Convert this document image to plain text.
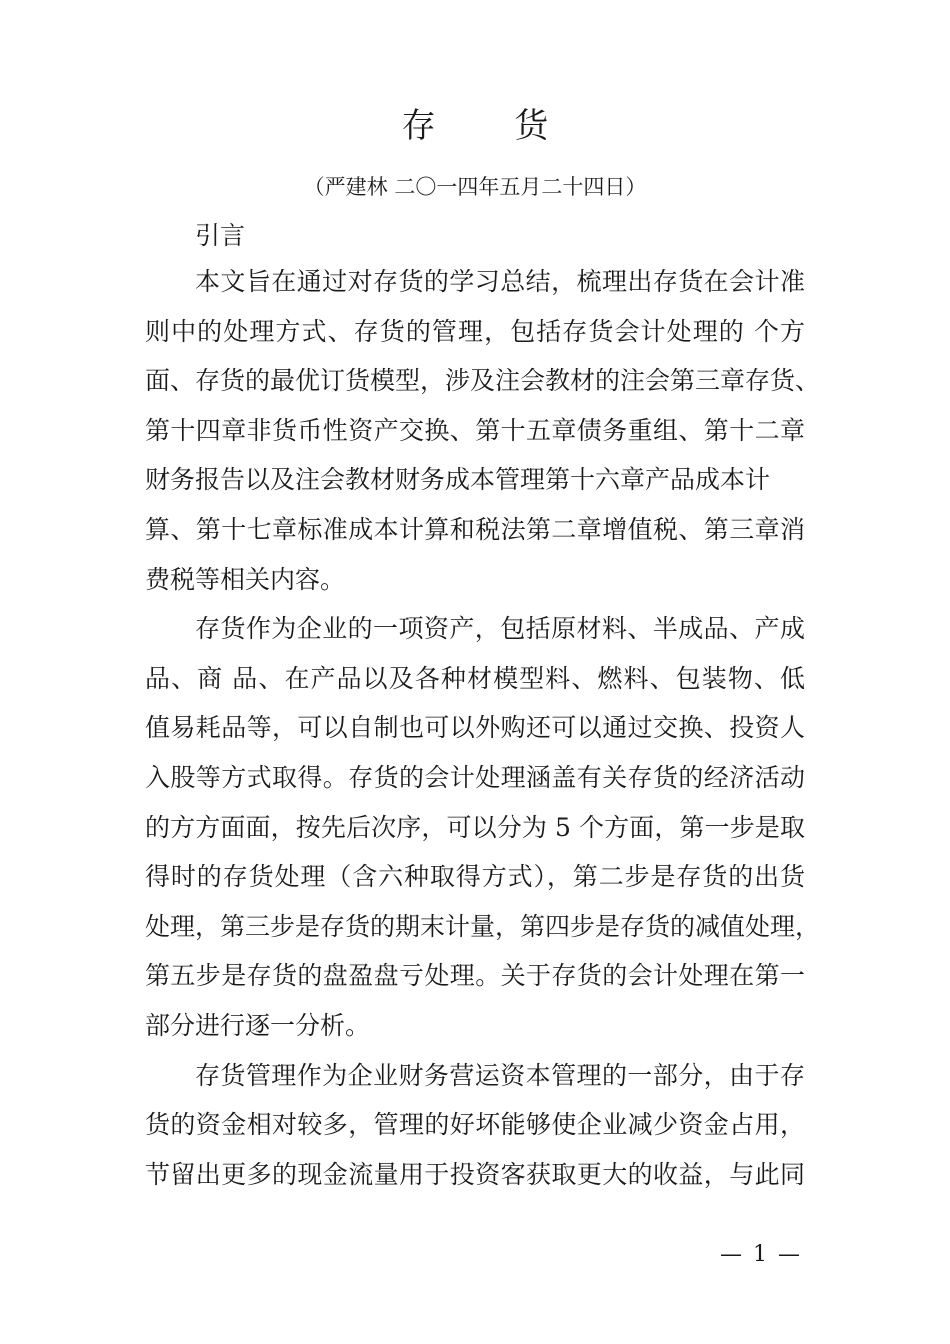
存 货
（严建林 二〇一四年五月二十四日）
引言
本文旨在通过对存货的学习总结，梳理出存货在会计准
则中的处理方式、存货的管理，包括存货会计处理的 个方
面、存货的最优订货模型，涉及注会教材的注会第三章存货、
第十四章非货币性资产交换、第十五章债务重组、第十二章
财务报告以及注会教材财务成本管理第十六章产品成本计
算、第十七章标准成本计算和税法第二章增值税、第三章消
费税等相关内容。
存货作为企业的一项资产，包括原材料、半成品、产成
品、商 品、在产品以及各种材模型料、燃料、包装物、低
值易耗品等，可以自制也可以外购还可以通过交换、投资人
入股等方式取得。存货的会计处理涵盖有关存货的经济活动
的方方面面，按先后次序，可以分为 5 个方面，第一步是取
得时的存货处理（含六种取得方式），第二步是存货的出货
处理，第三步是存货的期末计量，第四步是存货的减值处理，
第五步是存货的盘盈盘亏处理。关于存货的会计处理在第一
部分进行逐一分析。
存货管理作为企业财务营运资本管理的一部分，由于存
货的资金相对较多，管理的好坏能够使企业减少资金占用，
节留出更多的现金流量用于投资客获取更大的收益，与此同
— 1 —
